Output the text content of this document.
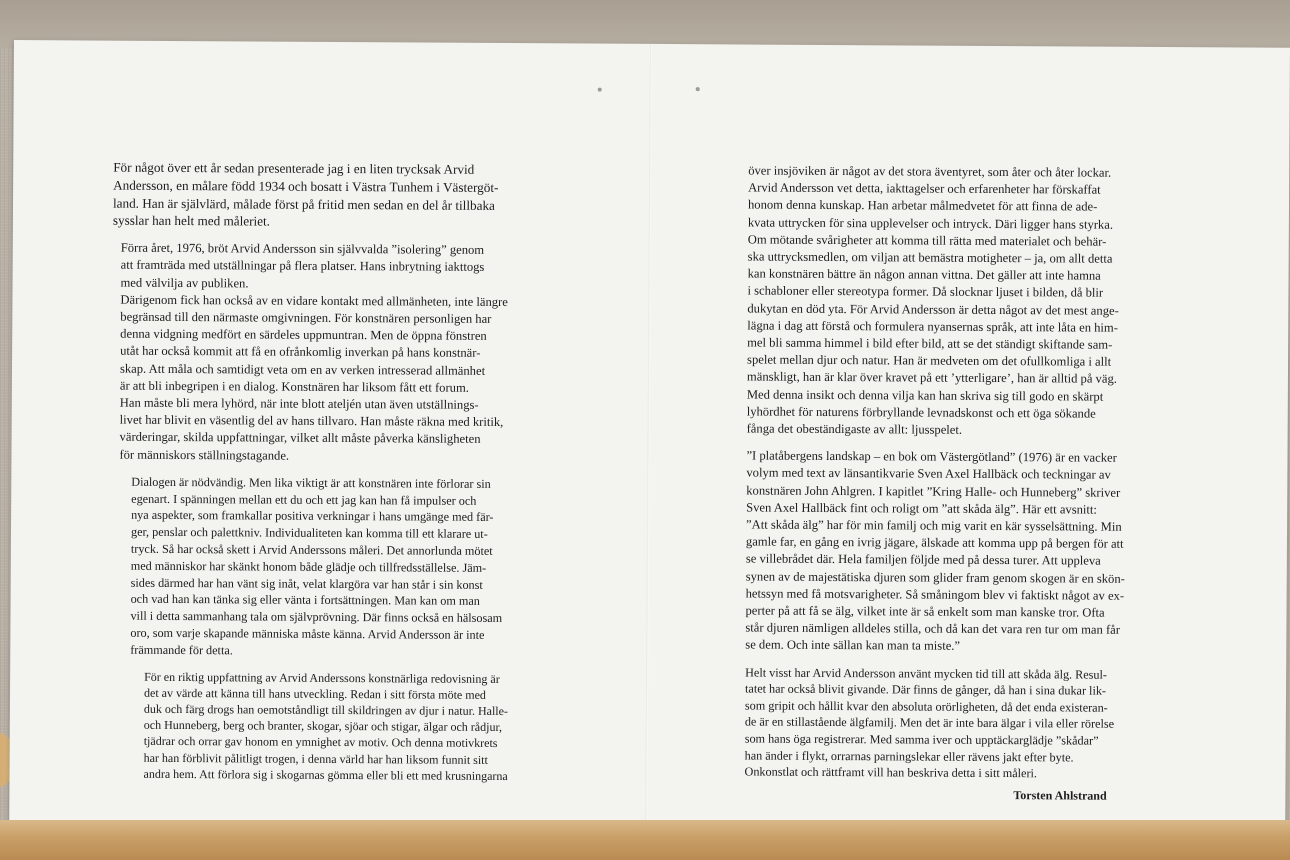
För något över ett år sedan presenterade jag i en liten trycksak Arvid
Andersson, en målare född 1934 och bosatt i Västra Tunhem i Västergöt-
land. Han är självlärd, målade först på fritid men sedan en del år tillbaka
sysslar han helt med måleriet.

Förra året, 1976, bröt Arvid Andersson sin självvalda ”isolering” genom
att framträda med utställningar på flera platser. Hans inbrytning iakttogs
med välvilja av publiken.
Därigenom fick han också av en vidare kontakt med allmänheten, inte längre
begränsad till den närmaste omgivningen. För konstnären personligen har
denna vidgning medfört en särdeles uppmuntran. Men de öppna fönstren
utåt har också kommit att få en ofrånkomlig inverkan på hans konstnär-
skap. Att måla och samtidigt veta om en av verken intresserad allmänhet
är att bli inbegripen i en dialog. Konstnären har liksom fått ett forum.
Han måste bli mera lyhörd, när inte blott ateljén utan även utställnings-
livet har blivit en väsentlig del av hans tillvaro. Han måste räkna med kritik,
värderingar, skilda uppfattningar, vilket allt måste påverka känsligheten
för människors ställningstagande.

Dialogen är nödvändig. Men lika viktigt är att konstnären inte förlorar sin
egenart. I spänningen mellan ett du och ett jag kan han få impulser och
nya aspekter, som framkallar positiva verkningar i hans umgänge med fär-
ger, penslar och palettkniv. Individualiteten kan komma till ett klarare ut-
tryck. Så har också skett i Arvid Anderssons måleri. Det annorlunda mötet
med människor har skänkt honom både glädje och tillfredsställelse. Jäm-
sides därmed har han vänt sig inåt, velat klargöra var han står i sin konst
och vad han kan tänka sig eller vänta i fortsättningen. Man kan om man
vill i detta sammanhang tala om självprövning. Där finns också en hälsosam
oro, som varje skapande människa måste känna. Arvid Andersson är inte
främmande för detta.

För en riktig uppfattning av Arvid Anderssons konstnärliga redovisning är
det av värde att känna till hans utveckling. Redan i sitt första möte med
duk och färg drogs han oemotståndligt till skildringen av djur i natur. Halle-
och Hunneberg, berg och branter, skogar, sjöar och stigar, älgar och rådjur,
tjädrar och orrar gav honom en ymnighet av motiv. Och denna motivkrets
har han förblivit pålitligt trogen, i denna värld har han liksom funnit sitt
andra hem. Att förlora sig i skogarnas gömma eller bli ett med krusningarna

över insjöviken är något av det stora äventyret, som åter och åter lockar.
Arvid Andersson vet detta, iakttagelser och erfarenheter har förskaffat
honom denna kunskap. Han arbetar målmedvetet för att finna de ade-
kvata uttrycken för sina upplevelser och intryck. Däri ligger hans styrka.
Om mötande svårigheter att komma till rätta med materialet och behär-
ska uttrycksmedlen, om viljan att bemästra motigheter – ja, om allt detta
kan konstnären bättre än någon annan vittna. Det gäller att inte hamna
i schabloner eller stereotypa former. Då slocknar ljuset i bilden, då blir
dukytan en död yta. För Arvid Andersson är detta något av det mest ange-
lägna i dag att förstå och formulera nyansernas språk, att inte låta en him-
mel bli samma himmel i bild efter bild, att se det ständigt skiftande sam-
spelet mellan djur och natur. Han är medveten om det ofullkomliga i allt
mänskligt, han är klar över kravet på ett ’ytterligare’, han är alltid på väg.
Med denna insikt och denna vilja kan han skriva sig till godo en skärpt
lyhördhet för naturens förbryllande levnadskonst och ett öga sökande
fånga det obeständigaste av allt: ljusspelet.

”I platåbergens landskap – en bok om Västergötland” (1976) är en vacker
volym med text av länsantikvarie Sven Axel Hallbäck och teckningar av
konstnären John Ahlgren. I kapitlet ”Kring Halle- och Hunneberg” skriver
Sven Axel Hallbäck fint och roligt om ”att skåda älg”. Här ett avsnitt:
”Att skåda älg” har för min familj och mig varit en kär sysselsättning. Min
gamle far, en gång en ivrig jägare, älskade att komma upp på bergen för att
se villebrådet där. Hela familjen följde med på dessa turer. Att uppleva
synen av de majestätiska djuren som glider fram genom skogen är en skön-
hetssyn med få motsvarigheter. Så småningom blev vi faktiskt något av ex-
perter på att få se älg, vilket inte är så enkelt som man kanske tror. Ofta
står djuren nämligen alldeles stilla, och då kan det vara ren tur om man får
se dem. Och inte sällan kan man ta miste.”

Helt visst har Arvid Andersson använt mycken tid till att skåda älg. Resul-
tatet har också blivit givande. Där finns de gånger, då han i sina dukar lik-
som gripit och hållit kvar den absoluta orörligheten, då det enda existeran-
de är en stillastående älgfamilj. Men det är inte bara älgar i vila eller rörelse
som hans öga registrerar. Med samma iver och upptäckarglädje ”skådar”
han änder i flykt, orrarnas parningslekar eller rävens jakt efter byte.
Onkonstlat och rättframt vill han beskriva detta i sitt måleri.

Torsten Ahlstrand
